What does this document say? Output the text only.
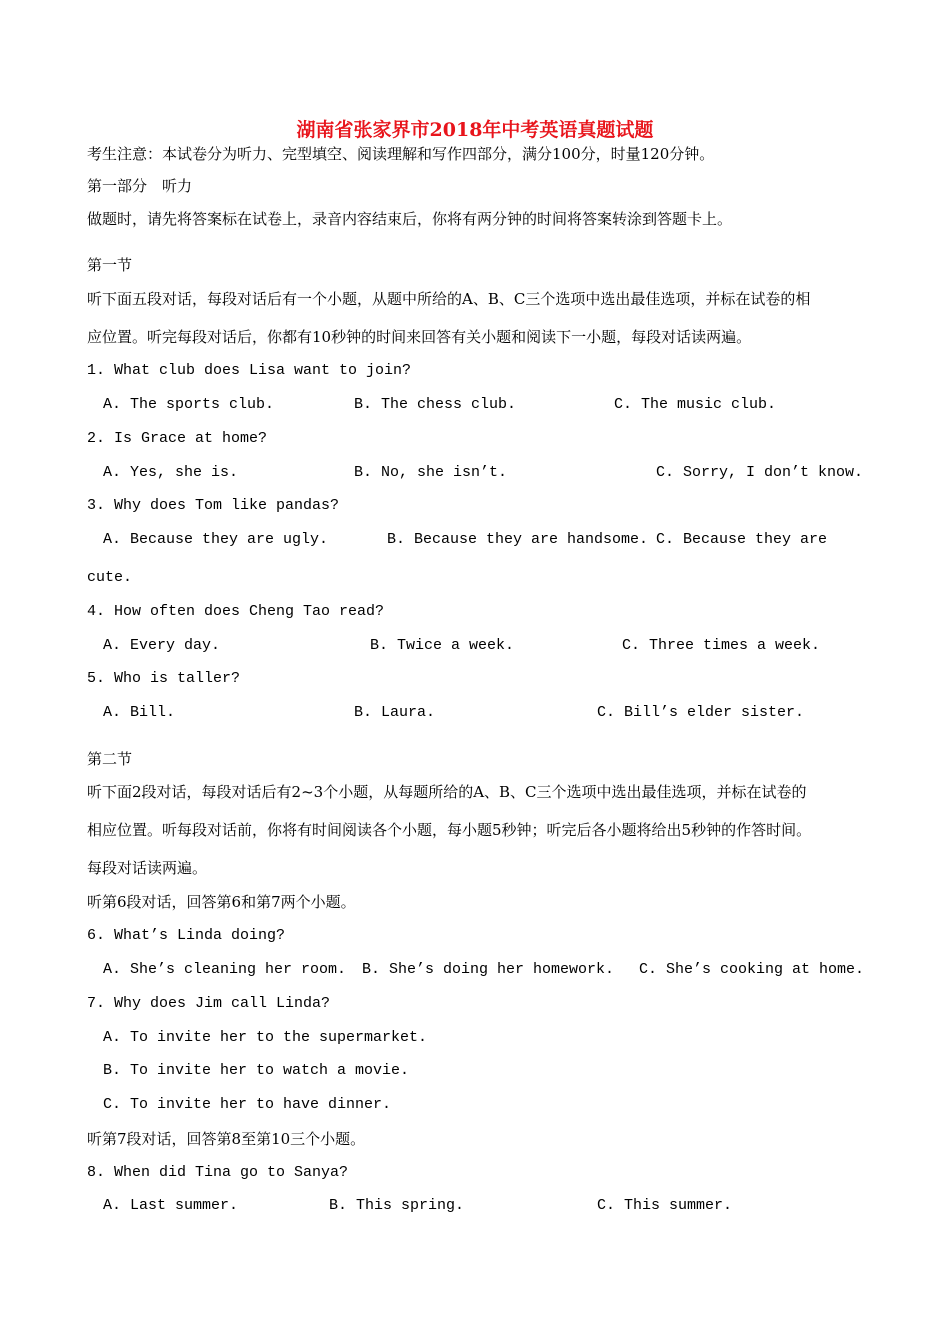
湖南省张家界市2018年中考英语真题试题
考生注意：本试卷分为听力、完型填空、阅读理解和写作四部分，满分100分，时量120分钟。
第一部分　听力
做题时，请先将答案标在试卷上，录音内容结束后，你将有两分钟的时间将答案转涂到答题卡上。
第一节
听下面五段对话，每段对话后有一个小题，从题中所给的A、B、C三个选项中选出最佳选项，并标在试卷的相
应位置。听完每段对话后，你都有10秒钟的时间来回答有关小题和阅读下一小题，每段对话读两遍。
1. What club does Lisa want to join?
A. The sports club.	B. The chess club.	C. The music club.
2. Is Grace at home?
A. Yes, she is.	B. No, she isn’t.	C. Sorry, I don’t know.
3. Why does Tom like pandas?
A. Because they are ugly.	B. Because they are handsome. C. Because they are
cute.
4. How often does Cheng Tao read?
A. Every day.	B. Twice a week.	C. Three times a week.
5. Who is taller?
A. Bill.	B. Laura.	C. Bill’s elder sister.
第二节
听下面2段对话，每段对话后有2~3个小题，从每题所给的A、B、C三个选项中选出最佳选项，并标在试卷的
相应位置。听每段对话前，你将有时间阅读各个小题，每小题5秒钟；听完后各小题将给出5秒钟的作答时间。
每段对话读两遍。
听第6段对话，回答第6和第7两个小题。
6. What’s Linda doing?
A. She’s cleaning her room. B. She’s doing her homework. C. She’s cooking at home.
7. Why does Jim call Linda?
A. To invite her to the supermarket.
B. To invite her to watch a movie.
C. To invite her to have dinner.
听第7段对话，回答第8至第10三个小题。
8. When did Tina go to Sanya?
A. Last summer.	B. This spring.	C. This summer.
